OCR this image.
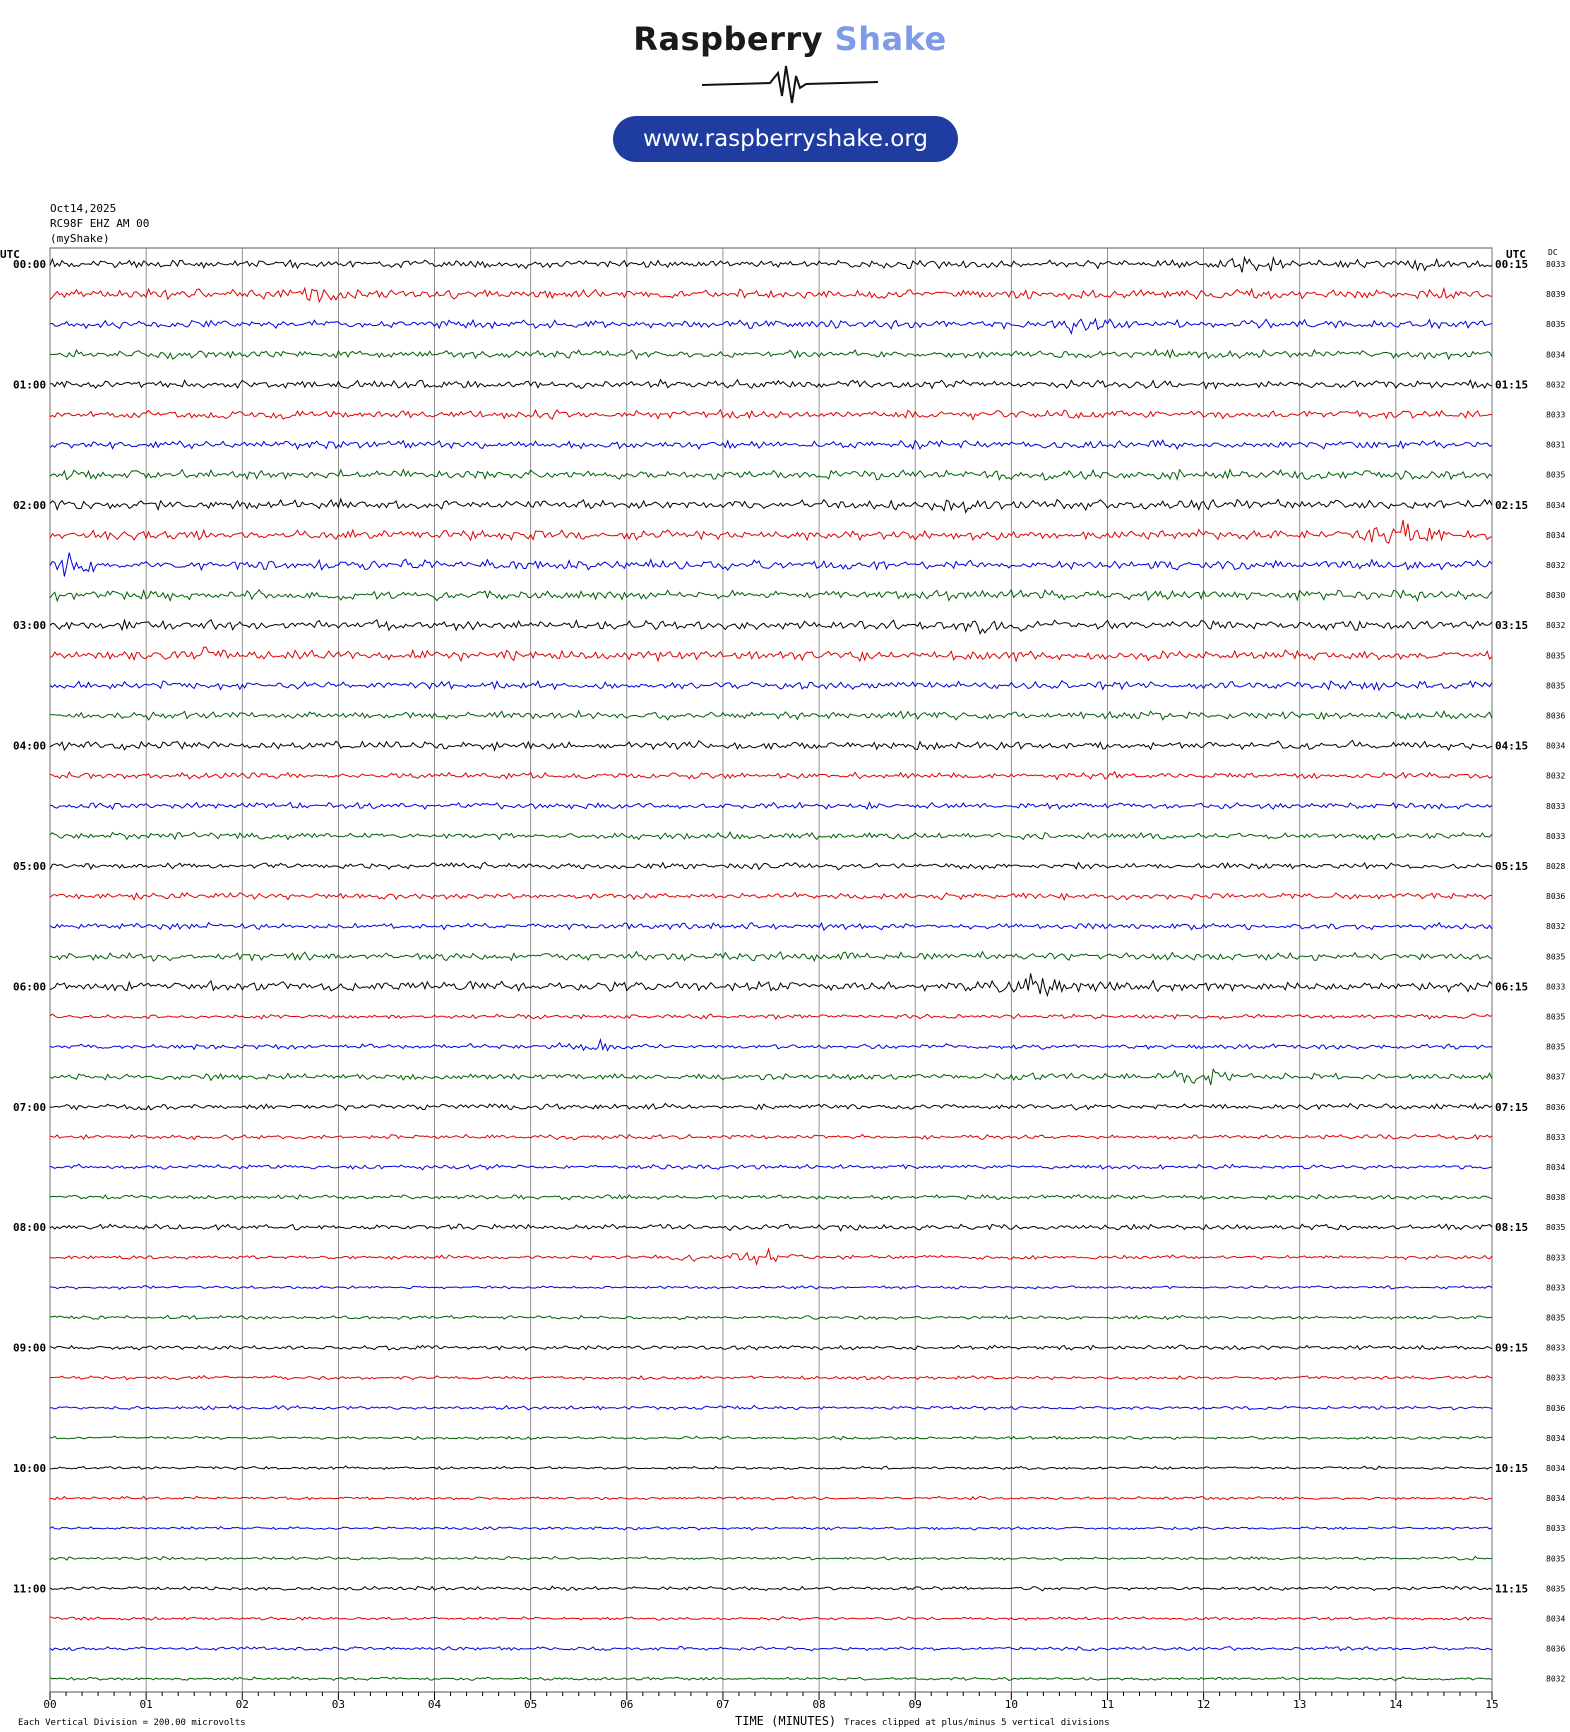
Raspberry Shake
www.raspberryshake.org
Oct14,2025
RC98F EHZ AM 00
(myShake)
UTC	UTC	DC
00	01	02	03	04	05	06	07	08	09	10	11	12	13	14	15
8033
8039
8035
8034
8032
8033
8031
8035
8034
8034
8032
8030
8032
8035
8035
8036
8034
8032
8033
8033
8028
8036
8032
8035
8033
8035
8035
8037
8036
8033
8034
8038
8035
8033
8033
8035
8033
8033
8036
8034
8034
8034
8033
8035
8035
8034
8036
8032
00:00	00:15
01:00	01:15
02:00	02:15
03:00	03:15
04:00	04:15
05:00	05:15
06:00	06:15
07:00	07:15
08:00	08:15
09:00	09:15
10:00	10:15
11:00	11:15
Each Vertical Division = 200.00 microvolts	TIME (MINUTES) Traces clipped at plus/minus 5 vertical divisions
